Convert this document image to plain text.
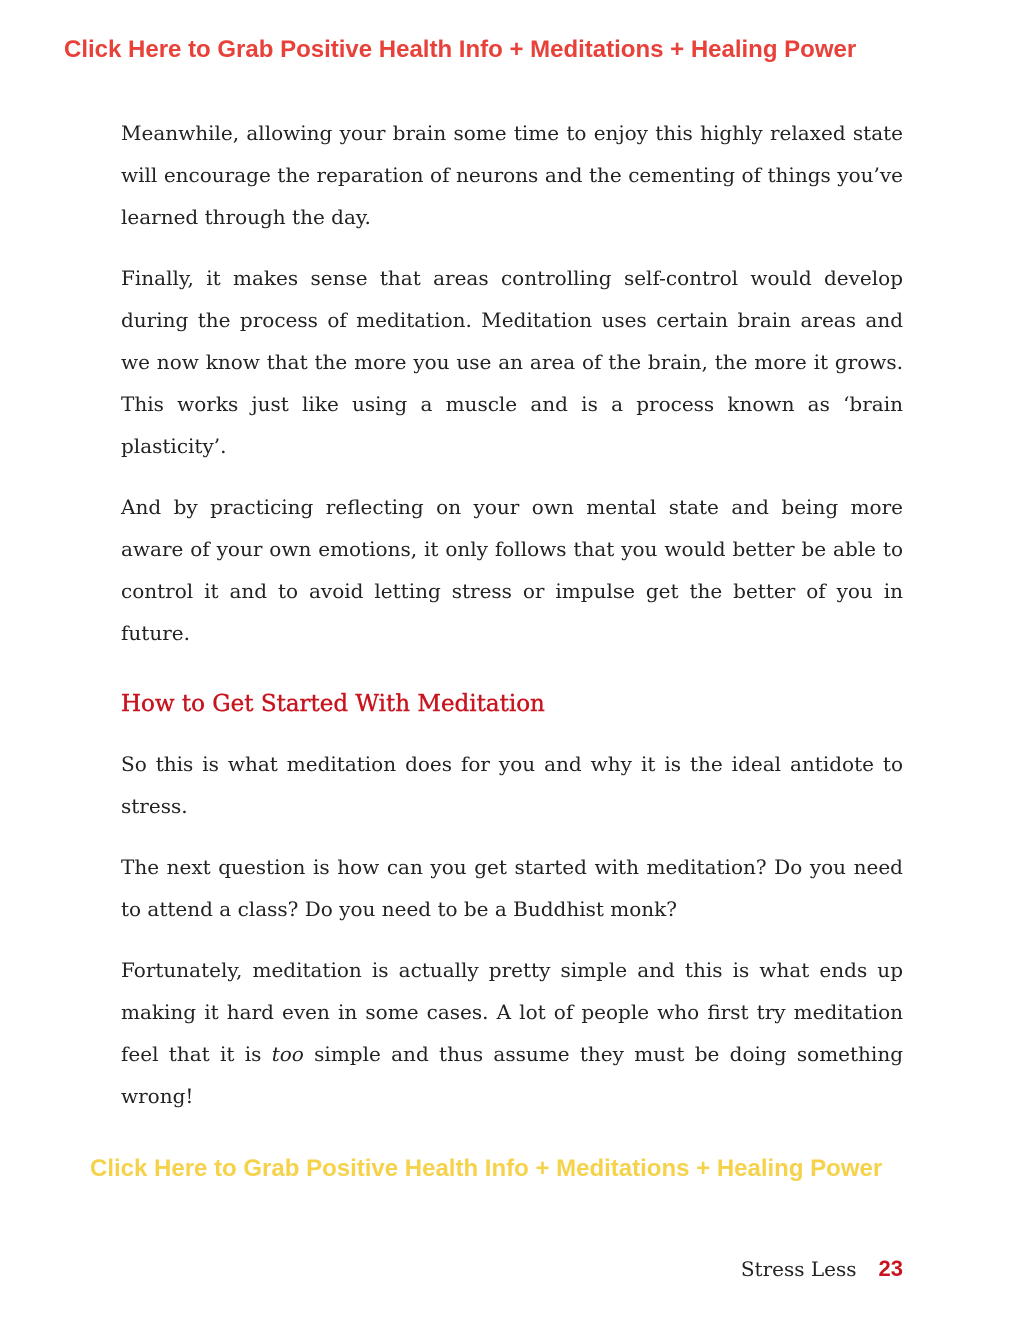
Click Here to Grab Positive Health Info + Meditations + Healing Power

Meanwhile, allowing your brain some time to enjoy this highly relaxed state will encourage the reparation of neurons and the cementing of things you’ve learned through the day.

Finally, it makes sense that areas controlling self-control would develop during the process of meditation. Meditation uses certain brain areas and we now know that the more you use an area of the brain, the more it grows. This works just like using a muscle and is a process known as ‘brain plasticity’.

And by practicing reflecting on your own mental state and being more aware of your own emotions, it only follows that you would better be able to control it and to avoid letting stress or impulse get the better of you in future.

How to Get Started With Meditation

So this is what meditation does for you and why it is the ideal antidote to stress.

The next question is how can you get started with meditation? Do you need to attend a class? Do you need to be a Buddhist monk?

Fortunately, meditation is actually pretty simple and this is what ends up making it hard even in some cases. A lot of people who first try meditation feel that it is too simple and thus assume they must be doing something wrong!

Click Here to Grab Positive Health Info + Meditations + Healing Power
Stress Less 23
